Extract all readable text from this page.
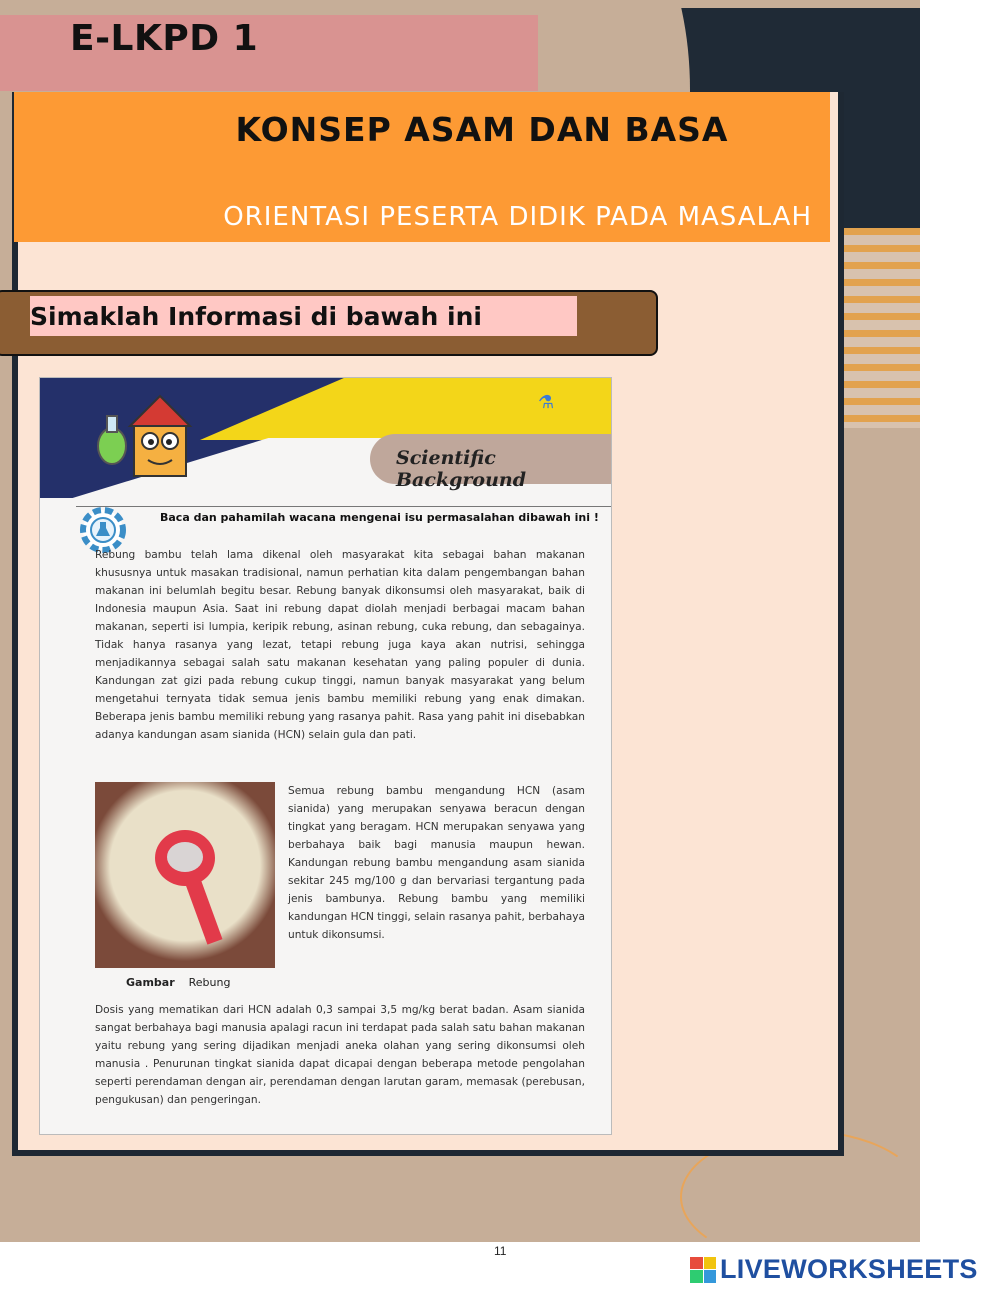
E-LKPD 1
KONSEP ASAM DAN BASA
ORIENTASI PESERTA DIDIK PADA MASALAH
Simaklah Informasi di bawah ini
⚗
Scientific Background
Baca dan pahamilah wacana mengenai isu permasalahan dibawah ini !
Rebung bambu telah lama dikenal oleh masyarakat kita sebagai bahan makanan khususnya untuk masakan tradisional, namun perhatian kita dalam pengembangan bahan makanan ini belumlah begitu besar. Rebung banyak dikonsumsi oleh masyarakat, baik di Indonesia maupun Asia. Saat ini rebung dapat diolah menjadi berbagai macam bahan makanan, seperti isi lumpia, keripik rebung, asinan rebung, cuka rebung, dan sebagainya. Tidak hanya rasanya yang lezat, tetapi rebung juga kaya akan nutrisi, sehingga menjadikannya sebagai salah satu makanan kesehatan yang paling populer di dunia. Kandungan zat gizi pada rebung cukup tinggi, namun banyak masyarakat yang belum mengetahui ternyata tidak semua jenis bambu memiliki rebung yang enak dimakan. Beberapa jenis bambu memiliki rebung yang rasanya pahit. Rasa yang pahit ini disebabkan adanya kandungan asam sianida (HCN) selain gula dan pati.
Gambar Rebung
Semua rebung bambu mengandung HCN (asam sianida) yang merupakan senyawa beracun dengan tingkat yang beragam. HCN merupakan senyawa yang berbahaya baik bagi manusia maupun hewan. Kandungan rebung bambu mengandung asam sianida sekitar 245 mg/100 g dan bervariasi tergantung pada jenis bambunya. Rebung bambu yang memiliki kandungan HCN tinggi, selain rasanya pahit, berbahaya untuk dikonsumsi.
Dosis yang mematikan dari HCN adalah 0,3 sampai 3,5 mg/kg berat badan. Asam sianida sangat berbahaya bagi manusia apalagi racun ini terdapat pada salah satu bahan makanan yaitu rebung yang sering dijadikan menjadi aneka olahan yang sering dikonsumsi oleh manusia . Penurunan tingkat sianida dapat dicapai dengan beberapa metode pengolahan seperti perendaman dengan air, perendaman dengan larutan garam, memasak (perebusan, pengukusan) dan pengeringan.
11
LIVEWORKSHEETS
